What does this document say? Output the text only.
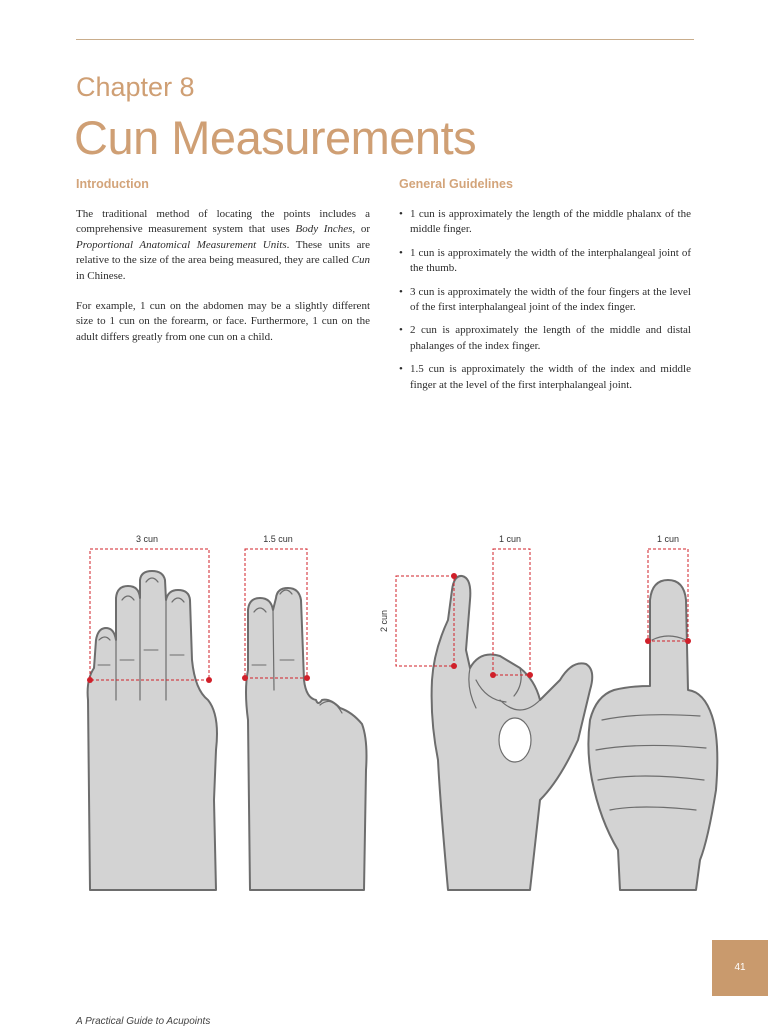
Chapter 8
Cun Measurements
Introduction	General Guidelines

The traditional method of locating the points includes a comprehensive measurement system that uses Body Inches, or Proportional Anatomical Measurement Units. These units are relative to the size of the area being measured, they are called Cun in Chinese.

For example, 1 cun on the abdomen may be a slightly different size to 1 cun on the forearm, or face. Furthermore, 1 cun on the adult differs greatly from one cun on a child.

• 1 cun is approximately the length of the middle phalanx of the middle finger.
• 1 cun is approximately the width of the interphalangeal joint of the thumb.
• 3 cun is approximately the width of the four fingers at the level of the first interphalangeal joint of the index finger.
• 2 cun is approximately the length of the middle and distal phalanges of the index finger.
• 1.5 cun is approximately the width of the index and middle finger at the level of the first interphalangeal joint.
3 cun	1.5 cun	1 cun	1 cun
2 cun
41
A Practical Guide to Acupoints
